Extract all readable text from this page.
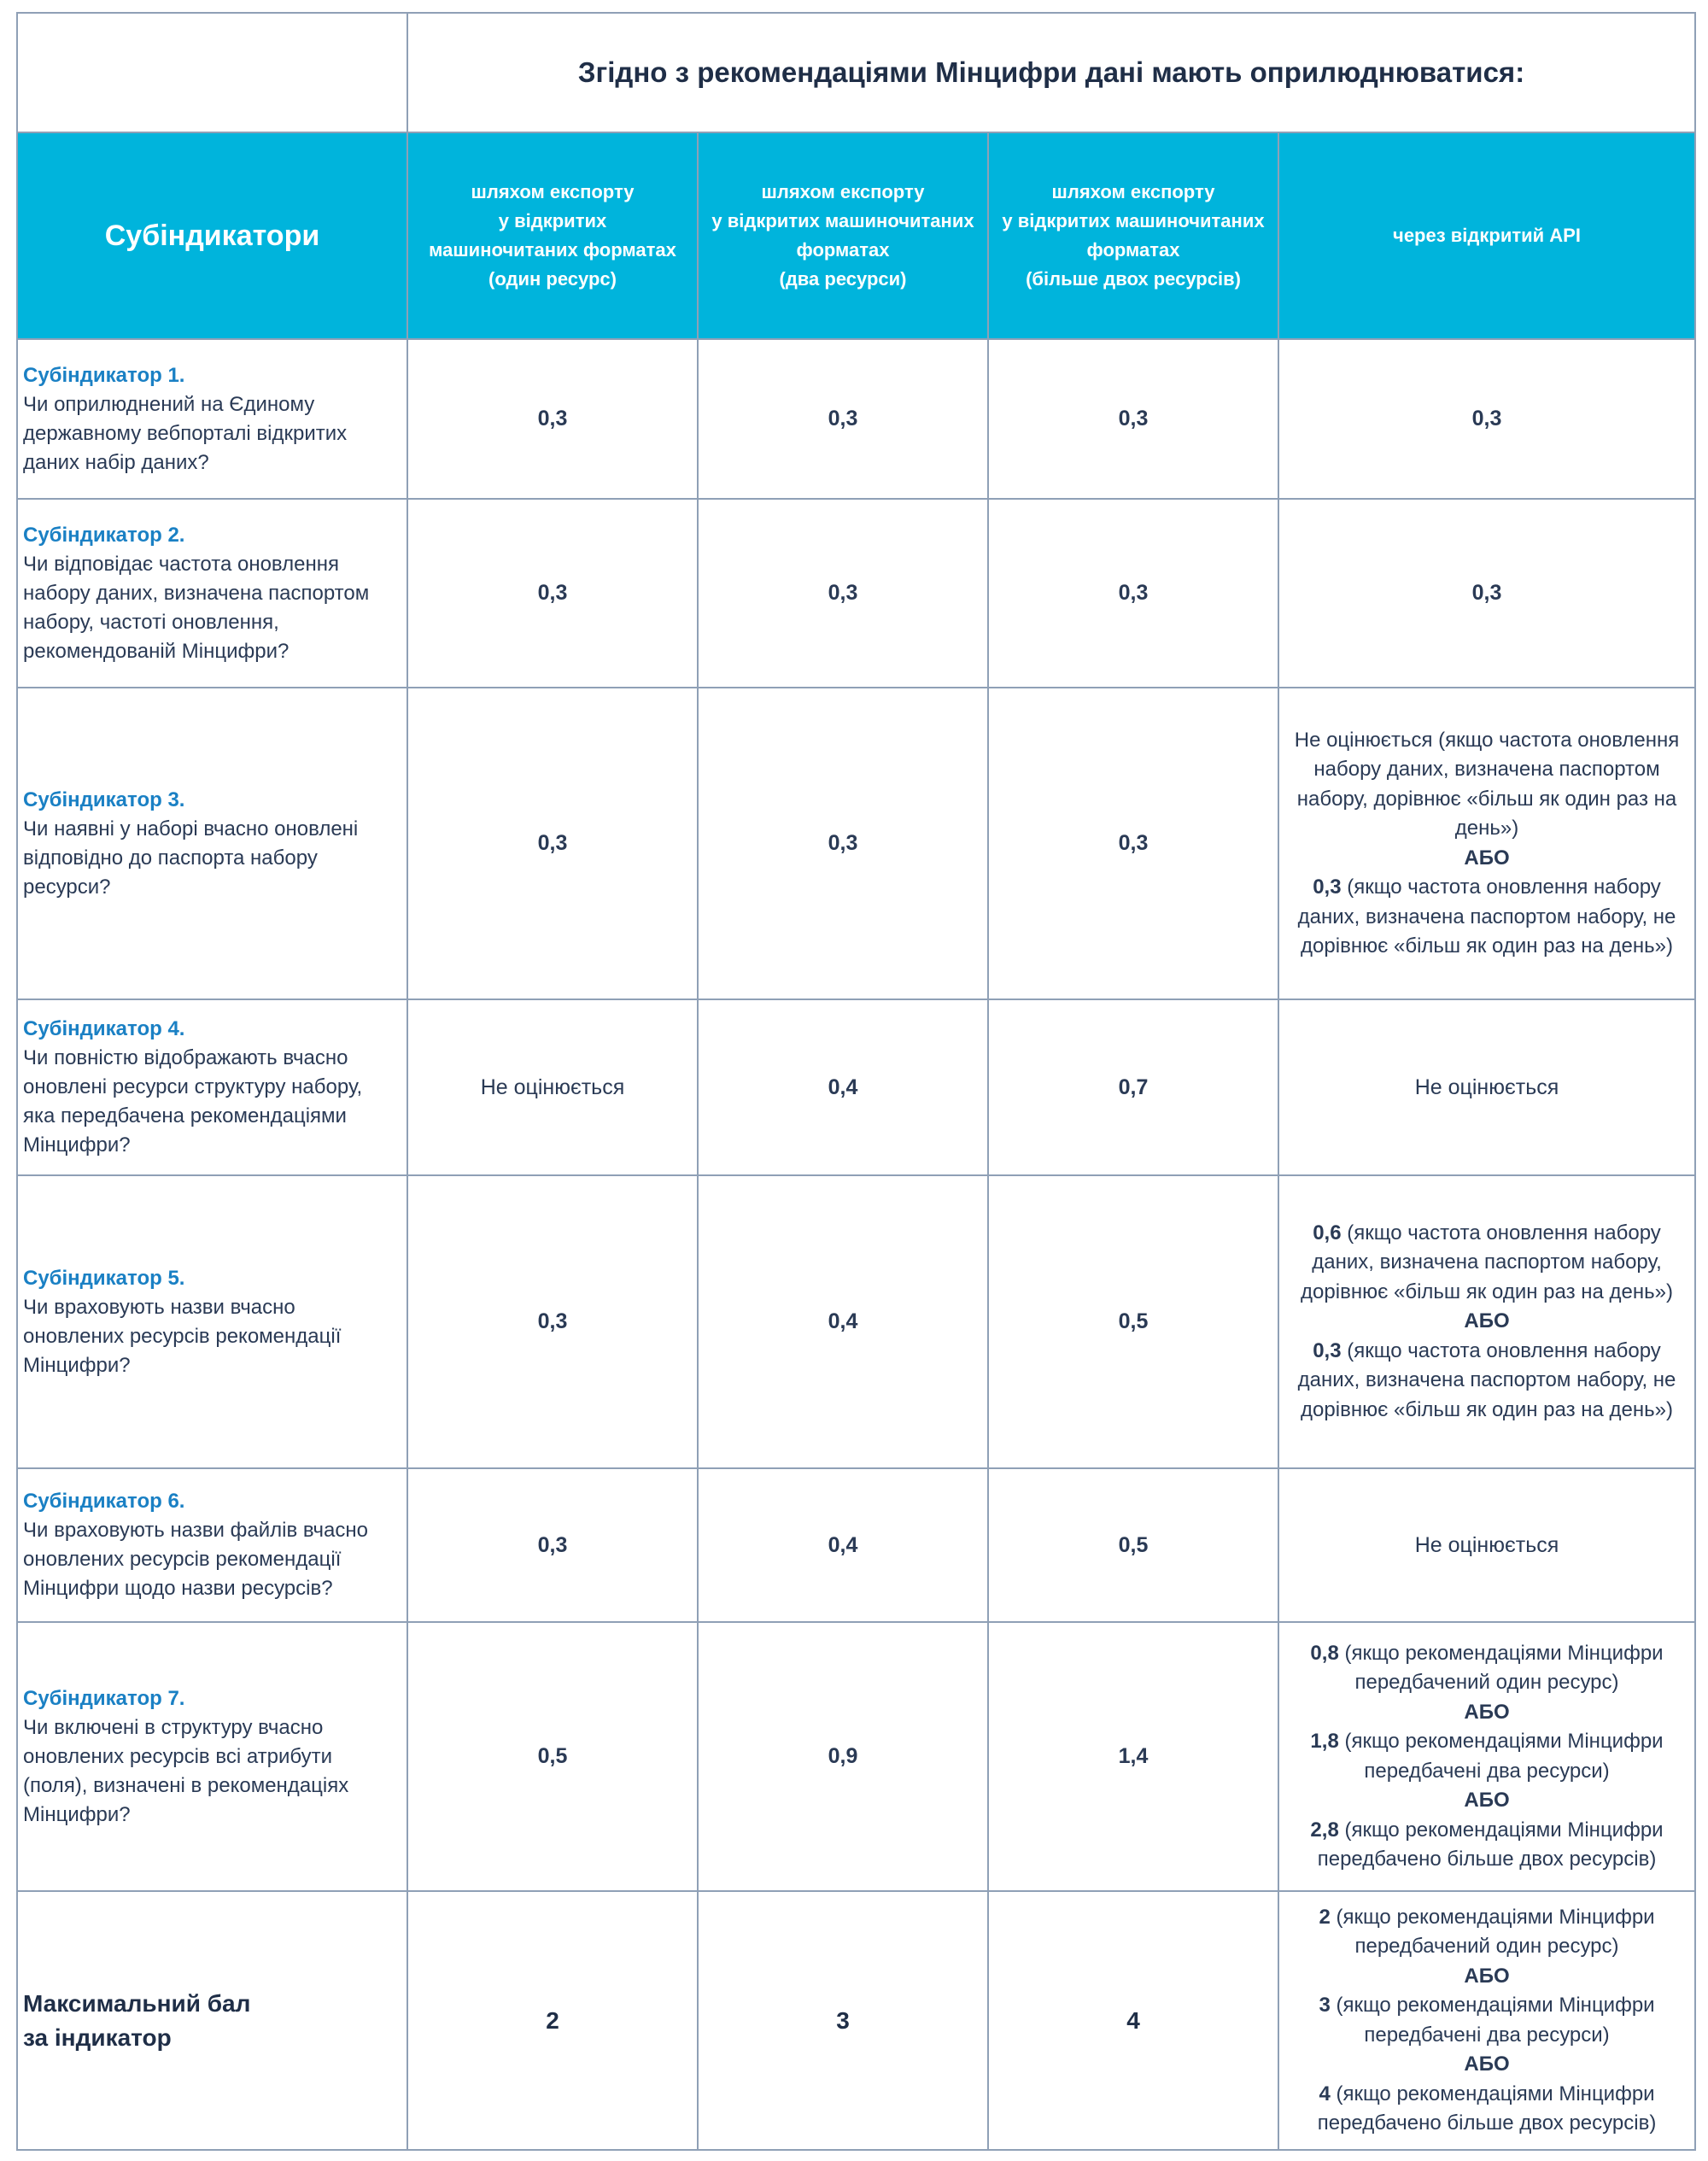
	Згідно з рекомендаціями Мінцифри дані мають оприлюднюватися:			
Субіндикатори	шляхом експорту
у відкритих
машиночитаних форматах
(один ресурс)	шляхом експорту
у відкритих машиночитаних
форматах
(два ресурси)	шляхом експорту
у відкритих машиночитаних
форматах
(більше двох ресурсів)	через відкритий API

Субіндикатор 1.
Чи оприлюднений на Єдиному державному вебпорталі відкритих даних набір даних?	0,3	0,3	0,3	0,3

Субіндикатор 2.
Чи відповідає частота оновлення набору даних, визначена паспортом набору, частоті оновлення, рекомендованій Мінцифри?	0,3	0,3	0,3	0,3

Субіндикатор 3.
Чи наявні у наборі вчасно оновлені відповідно до паспорта набору ресурси?	0,3	0,3	0,3	Не оцінюється (якщо частота оновлення набору даних, визначена паспортом набору, дорівнює «більш як один раз на день»)
АБО
0,3 (якщо частота оновлення набору даних, визначена паспортом набору, не дорівнює «більш як один раз на день»)

Субіндикатор 4.
Чи повністю відображають вчасно оновлені ресурси структуру набору, яка передбачена рекомендаціями Мінцифри?	Не оцінюється	0,4	0,7	Не оцінюється

Субіндикатор 5.
Чи враховують назви вчасно оновлених ресурсів рекомендації Мінцифри?	0,3	0,4	0,5	0,6 (якщо частота оновлення набору даних, визначена паспортом набору, дорівнює «більш як один раз на день»)
АБО
0,3 (якщо частота оновлення набору даних, визначена паспортом набору, не дорівнює «більш як один раз на день»)

Субіндикатор 6.
Чи враховують назви файлів вчасно оновлених ресурсів рекомендації Мінцифри щодо назви ресурсів?	0,3	0,4	0,5	Не оцінюється

Субіндикатор 7.
Чи включені в структуру вчасно оновлених ресурсів всі атрибути (поля), визначені в рекомендаціях Мінцифри?	0,5	0,9	1,4	0,8 (якщо рекомендаціями Мінцифри передбачений один ресурс)
АБО
1,8 (якщо рекомендаціями Мінцифри передбачені два ресурси)
АБО
2,8 (якщо рекомендаціями Мінцифри передбачено більше двох ресурсів)

Максимальний бал
за індикатор	2	3	4	2 (якщо рекомендаціями Мінцифри передбачений один ресурс)
АБО
3 (якщо рекомендаціями Мінцифри передбачені два ресурси)
АБО
4 (якщо рекомендаціями Мінцифри передбачено більше двох ресурсів)
